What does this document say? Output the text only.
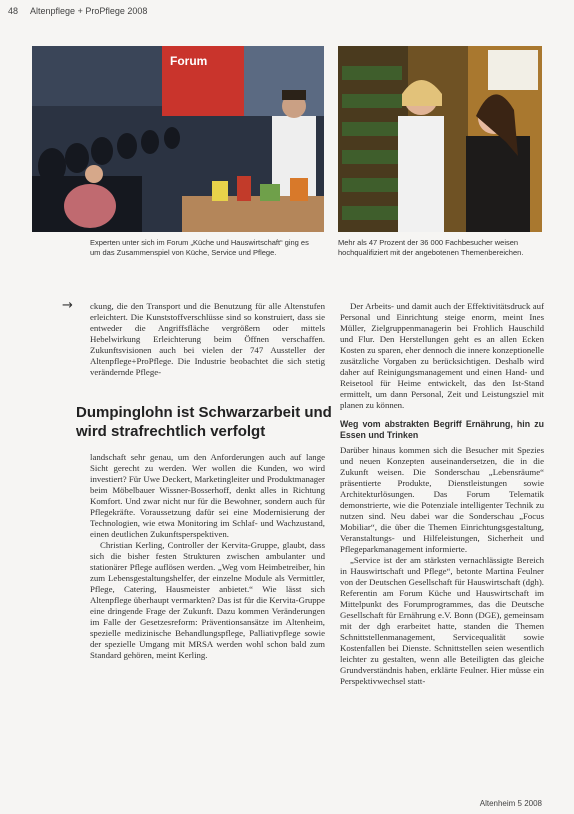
48 Altenpflege + ProPflege 2008
Forum
Experten unter sich im Forum „Küche und Hauswirtschaft“ ging es um das Zusammenspiel von Küche, Service und Pflege.
Mehr als 47 Prozent der 36 000 Fachbesucher weisen hochqualifiziert mit der angebotenen Themenbereichen.
→ ckung, die den Transport und die Benutzung für alle Altenstufen erleichtert. Die Kunststoffverschlüsse sind so konstruiert, dass sie entweder die Angriffsfläche vergrößern oder mittels Hebelwirkung Erleichterung beim Öffnen verschaffen. Zukunftsvisionen auch bei vielen der 747 Aussteller der Altenpflege+ProPflege. Die Industrie beobachtet die sich stetig verändernde Pflege-

Dumpinglohn ist Schwarzarbeit und wird strafrechtlich verfolgt

landschaft sehr genau, um den Anforderungen auch auf lange Sicht gerecht zu werden. Wer wollen die Kunden, wo wird investiert? Für Uwe Deckert, Marketingleiter und Produktmanager beim Möbelbauer Wissner-Bosserhoff, denkt alles in Richtung Komfort. Und zwar nicht nur für die Bewohner, sondern auch für Pflegekräfte. Voraussetzung dafür sei eine Modernisierung der Technologien, wie etwa Monitoring im Schlaf- und Wachzustand, einen deutlichen Zukunftsperspektiven.

Christian Kerling, Controller der Kervita-Gruppe, glaubt, dass sich die bisher festen Strukturen zwischen ambulanter und stationärer Pflege auflösen werden. „Weg vom Heimbetreiber, hin zum Lebensgestaltungshelfer, der einzelne Module als Vermittler, Pflege, Catering, Hausmeister anbietet.“ Wie lässt sich Altenpflege überhaupt vermarkten? Das ist für die Kervita-Gruppe eine dringende Frage der Zukunft. Dazu kommen Veränderungen im Falle der Gesetzesreform: Präventionsansätze im Altenheim, spezielle medizinische Behandlungspflege, Palliativpflege sowie der spezielle Umgang mit MRSA werden wohl schon bald zum Standard gehören, meint Kerling.

Der Arbeits- und damit auch der Effektivitätsdruck auf Personal und Einrichtung steige enorm, meint Ines Müller, Zielgruppenmanagerin bei Frohlich Hauschild und Flur. Den Herstellungen geht es an allen Ecken Kosten zu sparen, eher dennoch die innere konzeptionelle zusätzliche Vorgaben zu berücksichtigen. Deshalb wird daher auf Reinigungsmanagement und einen Hand- und Reisetool für Heime entwickelt, das den Ist-Stand ermittelt, um dann Personal, Zeit und Leistungsziel mit planen zu können.

Weg vom abstrakten Begriff Ernährung, hin zu Essen und Trinken

Darüber hinaus kommen sich die Besucher mit Spezies und neuen Konzepten auseinandersetzen, die in die Zukunft weisen. Die Sonderschau „Lebensräume“ präsentierte Produkte, Dienstleistungen sowie Architekturlösungen. Das Forum Telematik demonstrierte, wie die Potenziale intelligenter Technik zu nutzen sind. Neu dabei war die Sonderschau „Focus Mobiliar“, die über die Themen Einrichtungsgestaltung, Veranstaltungs- und Hilfeleistungen, Sicherheit und Pflegeparkmanagement informierte.

„Service ist der am stärksten vernachlässigte Bereich in Hauswirtschaft und Pflege“, betonte Martina Feulner von der Deutschen Gesellschaft für Hauswirtschaft (dgh). Referentin am Forum Küche und Hauswirtschaft im Mittelpunkt des Forumprogrammes, das die Deutsche Gesellschaft für Ernährung e.V. Bonn (DGE), gemeinsam mit der dgh erarbeitet hatte, standen die Themen Schnittstellenmanagement, Servicequalität sowie Kostenfallen bei Dienste. Schnittstellen seien wesentlich leichter zu gestalten, wenn alle Beteiligten das gleiche Grundverständnis haben, erklärte Feulner. Hier müsse ein Perspektivwechsel statt-

Altenheim 5 2008
